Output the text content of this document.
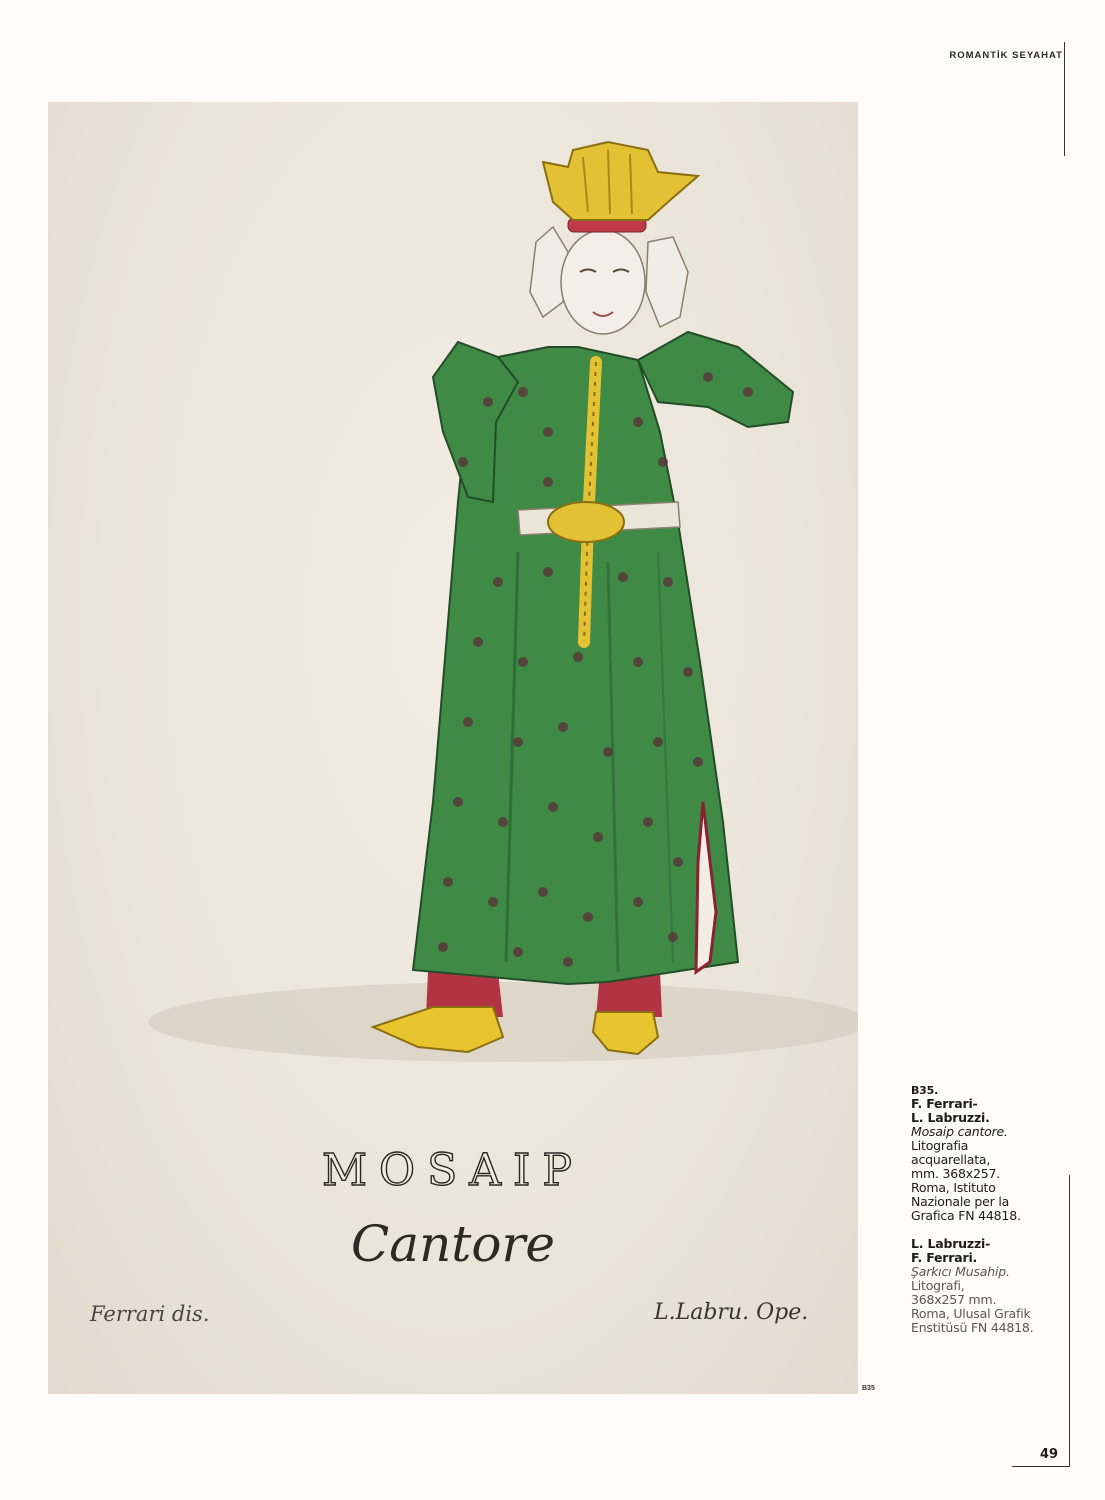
ROMANTİK SEYAHAT
MOSAIP
Cantore
Ferrari dis.	L.Labru. Ope.
B35
B35.
F. Ferrari-
L. Labruzzi.
Mosaip cantore.
Litografia
acquarellata,
mm. 368x257.
Roma, Istituto
Nazionale per la
Grafica FN 44818.
L. Labruzzi-
F. Ferrari.
Şarkıcı Musahip.
Litografi,
368x257 mm.
Roma, Ulusal Grafik
Enstitüsü FN 44818.
49
